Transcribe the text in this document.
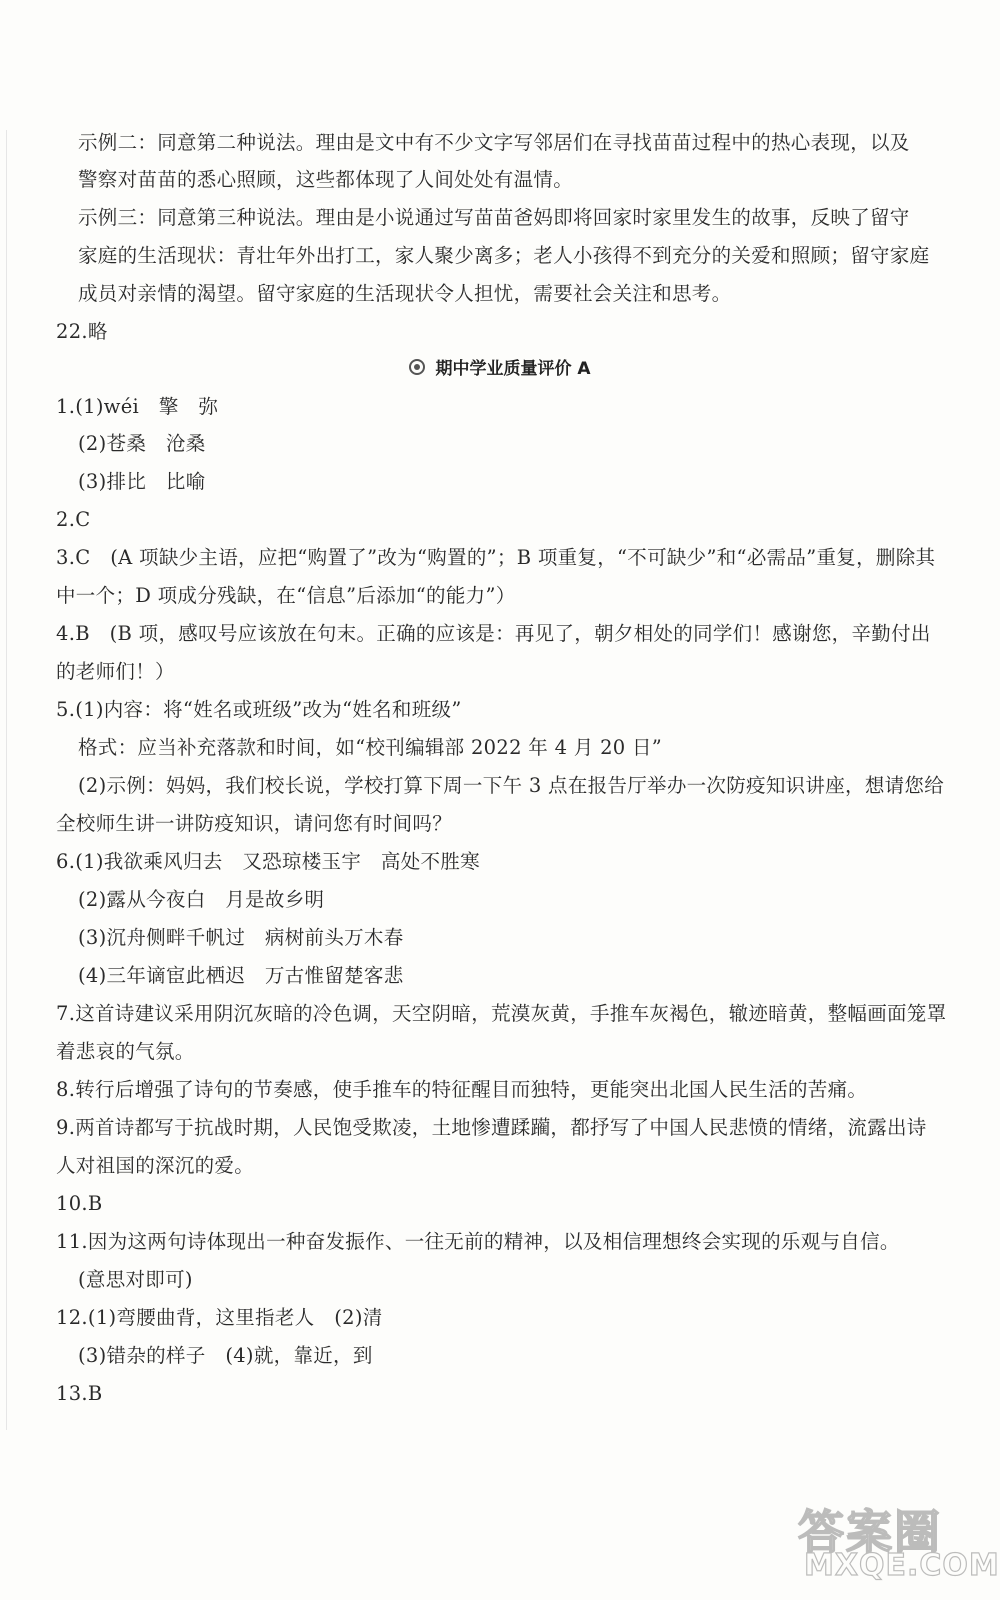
示例二：同意第二种说法。理由是文中有不少文字写邻居们在寻找苗苗过程中的热心表现，以及
警察对苗苗的悉心照顾，这些都体现了人间处处有温情。
示例三：同意第三种说法。理由是小说通过写苗苗爸妈即将回家时家里发生的故事，反映了留守
家庭的生活现状：青壮年外出打工，家人聚少离多；老人小孩得不到充分的关爱和照顾；留守家庭
成员对亲情的渴望。留守家庭的生活现状令人担忧，需要社会关注和思考。
22.略
期中学业质量评价 A
1.(1)wéi　擎　弥
(2)苍桑　沧桑
(3)排比　比喻
2.C
3.C　(A 项缺少主语，应把“购置了”改为“购置的”；B 项重复，“不可缺少”和“必需品”重复，删除其
中一个；D 项成分残缺，在“信息”后添加“的能力”）
4.B　(B 项，感叹号应该放在句末。正确的应该是：再见了，朝夕相处的同学们！感谢您，辛勤付出
的老师们！）
5.(1)内容：将“姓名或班级”改为“姓名和班级”
格式：应当补充落款和时间，如“校刊编辑部 2022 年 4 月 20 日”
(2)示例：妈妈，我们校长说，学校打算下周一下午 3 点在报告厅举办一次防疫知识讲座，想请您给
全校师生讲一讲防疫知识，请问您有时间吗？
6.(1)我欲乘风归去　又恐琼楼玉宇　高处不胜寒
(2)露从今夜白　月是故乡明
(3)沉舟侧畔千帆过　病树前头万木春
(4)三年谪宦此栖迟　万古惟留楚客悲
7.这首诗建议采用阴沉灰暗的冷色调，天空阴暗，荒漠灰黄，手推车灰褐色，辙迹暗黄，整幅画面笼罩
着悲哀的气氛。
8.转行后增强了诗句的节奏感，使手推车的特征醒目而独特，更能突出北国人民生活的苦痛。
9.两首诗都写于抗战时期，人民饱受欺凌，土地惨遭蹂躏，都抒写了中国人民悲愤的情绪，流露出诗
人对祖国的深沉的爱。
10.B
11.因为这两句诗体现出一种奋发振作、一往无前的精神，以及相信理想终会实现的乐观与自信。
(意思对即可)
12.(1)弯腰曲背，这里指老人　(2)清
(3)错杂的样子　(4)就，靠近，到
13.B
答案圈
MXQE.COM
